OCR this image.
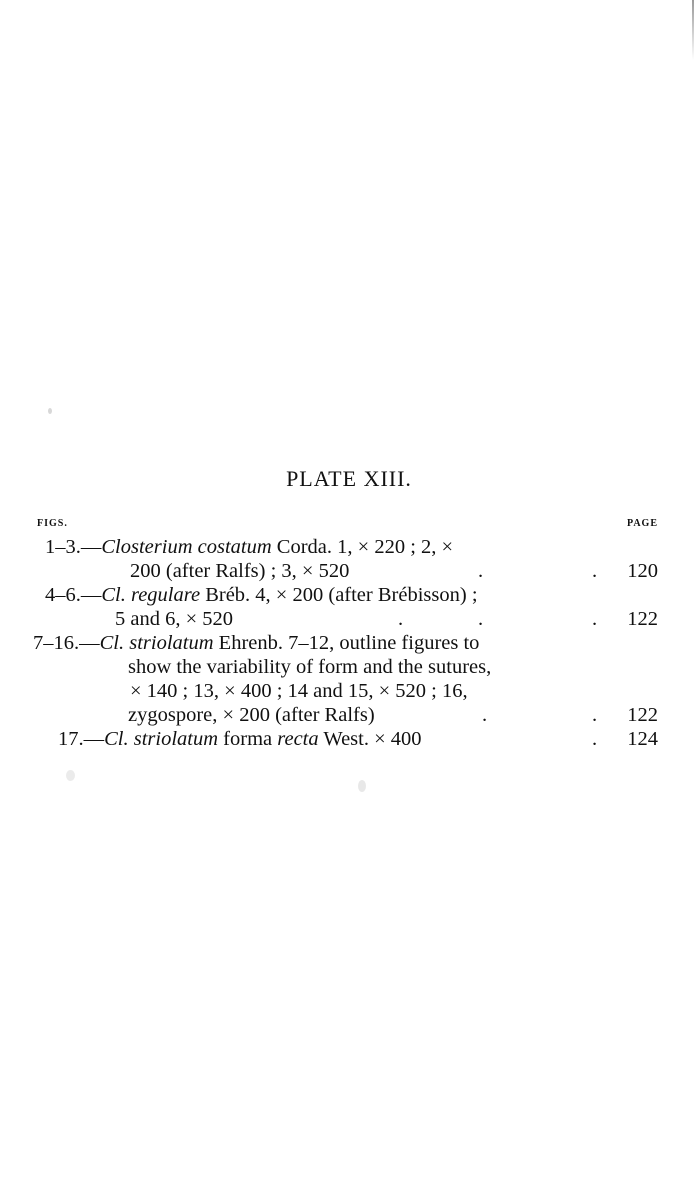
PLATE XIII.
FIGS.	PAGE
1–3.—Closterium costatum Corda. 1, × 220 ; 2, ×
200 (after Ralfs) ; 3, × 520	.	. 120
4–6.—Cl. regulare Bréb. 4, × 200 (after Brébisson) ;
5 and 6, × 520	.	.	. 122
7–16.—Cl. striolatum Ehrenb. 7–12, outline figures to
show the variability of form and the sutures,
× 140 ; 13, × 400 ; 14 and 15, × 520 ; 16,
zygospore, × 200 (after Ralfs)	.	. 122
17.—Cl. striolatum forma recta West. × 400	. 124
